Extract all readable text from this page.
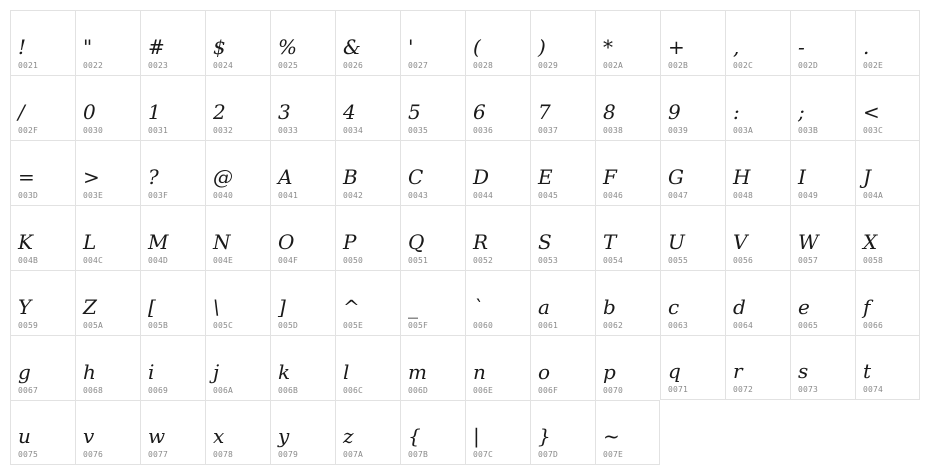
!
0021
"
0022
#
0023
$
0024
%
0025
&
0026
'
0027
(
0028
)
0029
*
002A
+
002B
,
002C
-
002D
.
002E
/
002F
0
0030
1
0031
2
0032
3
0033
4
0034
5
0035
6
0036
7
0037
8
0038
9
0039
:
003A
;
003B
<
003C
=
003D
>
003E
?
003F
@
0040
A
0041
B
0042
C
0043
D
0044
E
0045
F
0046
G
0047
H
0048
I
0049
J
004A
K
004B
L
004C
M
004D
N
004E
O
004F
P
0050
Q
0051
R
0052
S
0053
T
0054
U
0055
V
0056
W
0057
X
0058
Y
0059
Z
005A
[
005B
\
005C
]
005D
^
005E
_
005F
`
0060
a
0061
b
0062
c
0063
d
0064
e
0065
f
0066
g
0067
h
0068
i
0069
j
006A
k
006B
l
006C
m
006D
n
006E
o
006F
p
0070
q
0071
r
0072
s
0073
t
0074
u
0075
v
0076
w
0077
x
0078
y
0079
z
007A
{
007B
|
007C
}
007D
~
007E
